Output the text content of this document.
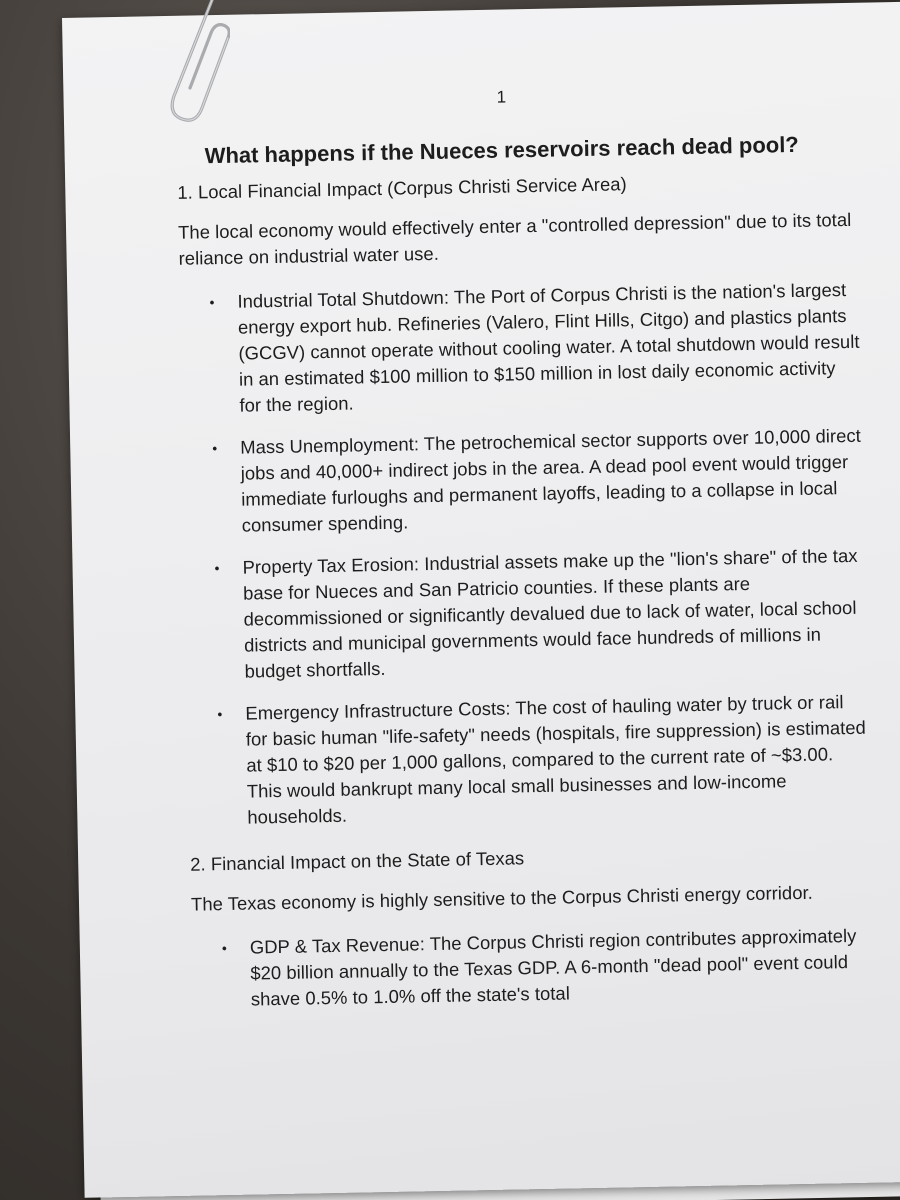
1
What happens if the Nueces reservoirs reach dead pool?
1. Local Financial Impact (Corpus Christi Service Area)
The local economy would effectively enter a "controlled depression" due to its total reliance on industrial water use.
• Industrial Total Shutdown: The Port of Corpus Christi is the nation's largest energy export hub. Refineries (Valero, Flint Hills, Citgo) and plastics plants (GCGV) cannot operate without cooling water. A total shutdown would result in an estimated $100 million to $150 million in lost daily economic activity for the region.
• Mass Unemployment: The petrochemical sector supports over 10,000 direct jobs and 40,000+ indirect jobs in the area. A dead pool event would trigger immediate furloughs and permanent layoffs, leading to a collapse in local consumer spending.
• Property Tax Erosion: Industrial assets make up the "lion's share" of the tax base for Nueces and San Patricio counties. If these plants are decommissioned or significantly devalued due to lack of water, local school districts and municipal governments would face hundreds of millions in budget shortfalls.
• Emergency Infrastructure Costs: The cost of hauling water by truck or rail for basic human "life-safety" needs (hospitals, fire suppression) is estimated at $10 to $20 per 1,000 gallons, compared to the current rate of ~$3.00. This would bankrupt many local small businesses and low-income households.
2. Financial Impact on the State of Texas
The Texas economy is highly sensitive to the Corpus Christi energy corridor.
• GDP & Tax Revenue: The Corpus Christi region contributes approximately $20 billion annually to the Texas GDP. A 6-month "dead pool" event could shave 0.5% to 1.0% off the state's total
